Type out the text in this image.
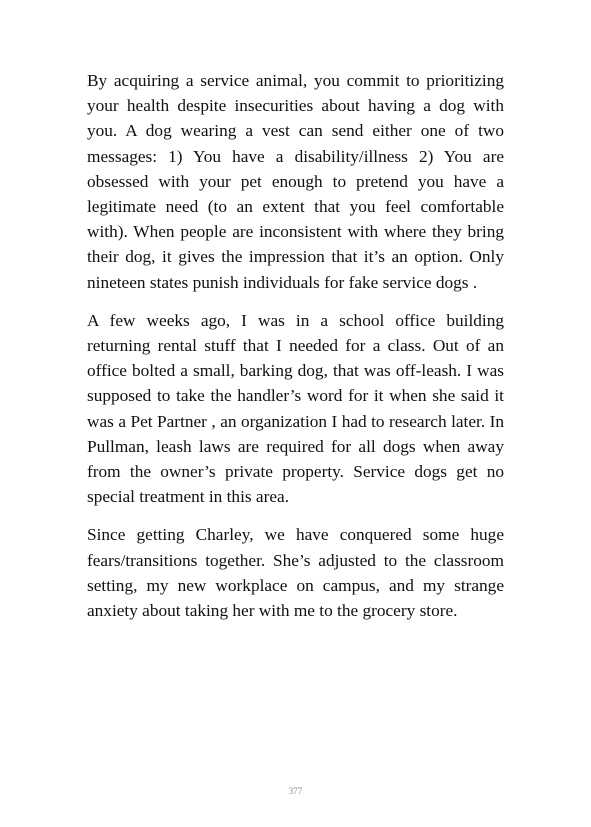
By acquiring a service animal, you commit to prioritizing your health despite insecurities about having a dog with you. A dog wearing a vest can send either one of two messages: 1) You have a disability/illness 2) You are obsessed with your pet enough to pretend you have a legitimate need (to an extent that you feel comfortable with). When people are inconsistent with where they bring their dog, it gives the impression that it’s an option. Only nineteen states punish individuals for fake service dogs .

A few weeks ago, I was in a school office building returning rental stuff that I needed for a class. Out of an office bolted a small, barking dog, that was off-leash. I was supposed to take the handler’s word for it when she said it was a Pet Partner , an organization I had to research later. In Pullman, leash laws are required for all dogs when away from the owner’s private property. Service dogs get no special treatment in this area.

Since getting Charley, we have conquered some huge fears/transitions together. She’s adjusted to the classroom setting, my new workplace on campus, and my strange anxiety about taking her with me to the grocery store.

377
